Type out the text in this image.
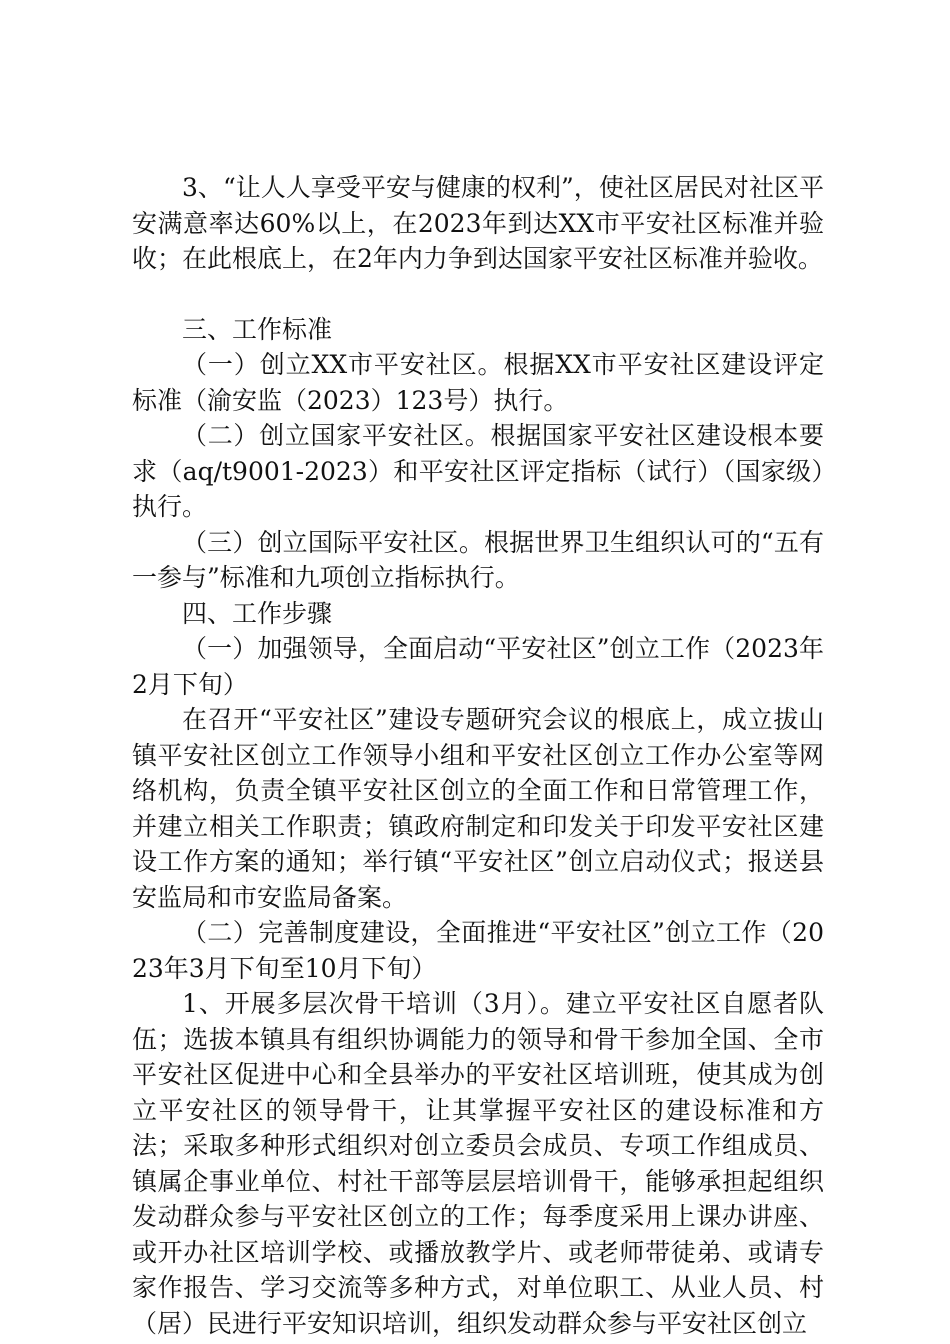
3、“让人人享受平安与健康的权利”，使社区居民对社区平安满意率达60%以上，在2023年到达XX市平安社区标准并验收；在此根底上，在2年内力争到达国家平安社区标准并验收。

三、工作标准

（一）创立XX市平安社区。根据XX市平安社区建设评定标准（渝安监（2023）123号）执行。

（二）创立国家平安社区。根据国家平安社区建设根本要求（aq/t9001-2023）和平安社区评定指标（试行）（国家级）执行。

（三）创立国际平安社区。根据世界卫生组织认可的“五有一参与”标准和九项创立指标执行。

四、工作步骤

（一）加强领导，全面启动“平安社区”创立工作（2023年2月下旬）

在召开“平安社区”建设专题研究会议的根底上，成立拔山镇平安社区创立工作领导小组和平安社区创立工作办公室等网络机构，负责全镇平安社区创立的全面工作和日常管理工作，并建立相关工作职责；镇政府制定和印发关于印发平安社区建设工作方案的通知；举行镇“平安社区”创立启动仪式；报送县安监局和市安监局备案。

（二）完善制度建设，全面推进“平安社区”创立工作（2023年3月下旬至10月下旬）

1、开展多层次骨干培训（3月）。建立平安社区自愿者队伍；选拔本镇具有组织协调能力的领导和骨干参加全国、全市平安社区促进中心和全县举办的平安社区培训班，使其成为创立平安社区的领导骨干，让其掌握平安社区的建设标准和方法；采取多种形式组织对创立委员会成员、专项工作组成员、镇属企事业单位、村社干部等层层培训骨干，能够承担起组织发动群众参与平安社区创立的工作；每季度采用上课办讲座、或开办社区培训学校、或播放教学片、或老师带徒弟、或请专家作报告、学习交流等多种方式，对单位职工、从业人员、村（居）民进行平安知识培训，组织发动群众参与平安社区创立
